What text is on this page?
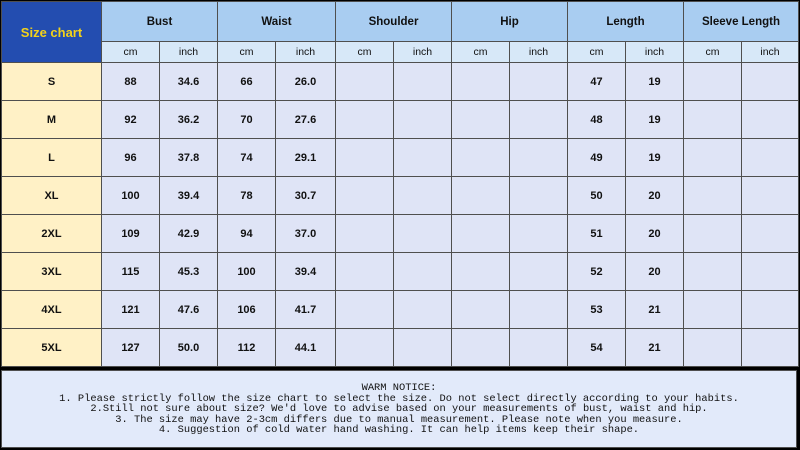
Size chart	Bust		Waist		Shoulder		Hip		Length		Sleeve Length	
	cm	inch	cm	inch	cm	inch	cm	inch	cm	inch	cm	inch
S	88	34.6	66	26.0					47	19		
M	92	36.2	70	27.6					48	19		
L	96	37.8	74	29.1					49	19		
XL	100	39.4	78	30.7					50	20		
2XL	109	42.9	94	37.0					51	20		
3XL	115	45.3	100	39.4					52	20		
4XL	121	47.6	106	41.7					53	21		
5XL	127	50.0	112	44.1					54	21		
WARM NOTICE:
1. Please strictly follow the size chart to select the size. Do not select directly according to your habits.
2.Still not sure about size? We'd love to advise based on your measurements of bust, waist and hip.
3. The size may have 2-3cm differs due to manual measurement. Please note when you measure.
4. Suggestion of cold water hand washing. It can help items keep their shape.
